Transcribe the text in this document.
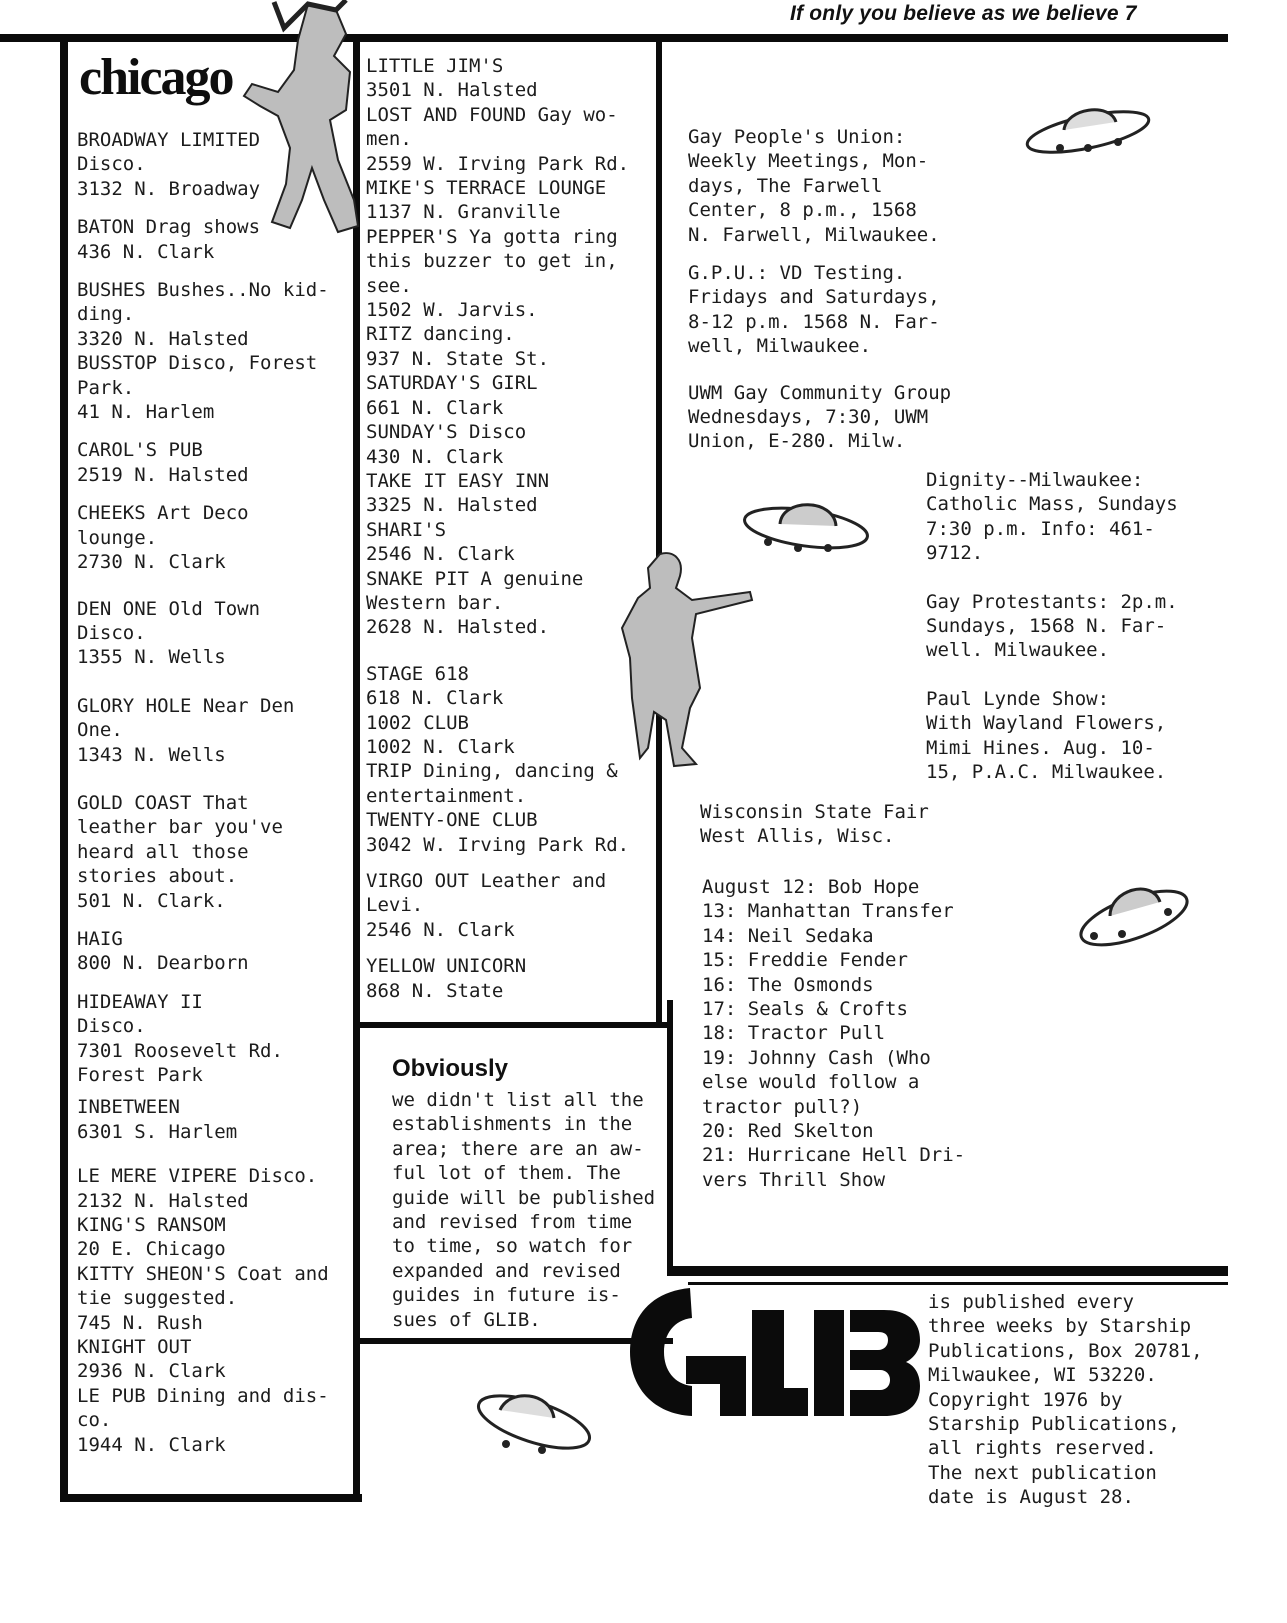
If only you believe as we believe 7
chicago
BROADWAY LIMITED
Disco.
3132 N. Broadway
BATON Drag shows
436 N. Clark
BUSHES Bushes..No kid-
ding.
3320 N. Halsted
BUSSTOP Disco, Forest
Park.
41 N. Harlem
CAROL'S PUB
2519 N. Halsted
CHEEKS Art Deco
lounge.
2730 N. Clark
DEN ONE Old Town
Disco.
1355 N. Wells
GLORY HOLE Near Den
One.
1343 N. Wells
GOLD COAST That
leather bar you've
heard all those
stories about.
501 N. Clark.
HAIG
800 N. Dearborn
HIDEAWAY II
Disco.
7301 Roosevelt Rd.
Forest Park
INBETWEEN
6301 S. Harlem
LE MERE VIPERE Disco.
2132 N. Halsted
KING'S RANSOM
20 E. Chicago
KITTY SHEON'S Coat and
tie suggested.
745 N. Rush
KNIGHT OUT
2936 N. Clark
LE PUB Dining and dis-
co.
1944 N. Clark
LITTLE JIM'S
3501 N. Halsted
LOST AND FOUND Gay wo-
men.
2559 W. Irving Park Rd.
MIKE'S TERRACE LOUNGE
1137 N. Granville
PEPPER'S Ya gotta ring
this buzzer to get in,
see.
1502 W. Jarvis.
RITZ dancing.
937 N. State St.
SATURDAY'S GIRL
661 N. Clark
SUNDAY'S Disco
430 N. Clark
TAKE IT EASY INN
3325 N. Halsted
SHARI'S
2546 N. Clark
SNAKE PIT A genuine
Western bar.
2628 N. Halsted.
STAGE 618
618 N. Clark
1002 CLUB
1002 N. Clark
TRIP Dining, dancing &
entertainment.
TWENTY-ONE CLUB
3042 W. Irving Park Rd.
VIRGO OUT Leather and
Levi.
2546 N. Clark
YELLOW UNICORN
868 N. State
Gay People's Union:
Weekly Meetings, Mon-
days, The Farwell
Center, 8 p.m., 1568
N. Farwell, Milwaukee.
G.P.U.: VD Testing.
Fridays and Saturdays,
8-12 p.m. 1568 N. Far-
well, Milwaukee.
UWM Gay Community Group
Wednesdays, 7:30, UWM
Union, E-280. Milw.
Dignity--Milwaukee:
Catholic Mass, Sundays
7:30 p.m. Info: 461-
9712.
Gay Protestants: 2p.m.
Sundays, 1568 N. Far-
well. Milwaukee.
Paul Lynde Show:
With Wayland Flowers,
Mimi Hines. Aug. 10-
15, P.A.C. Milwaukee.
Wisconsin State Fair
West Allis, Wisc.
August 12: Bob Hope
13: Manhattan Transfer
14: Neil Sedaka
15: Freddie Fender
16: The Osmonds
17: Seals & Crofts
18: Tractor Pull
19: Johnny Cash (Who
else would follow a
tractor pull?)
20: Red Skelton
21: Hurricane Hell Dri-
vers Thrill Show
Obviously
we didn't list all the
establishments in the
area; there are an aw-
ful lot of them. The
guide will be published
and revised from time
to time, so watch for
expanded and revised
guides in future is-
sues of GLIB.
is published every
three weeks by Starship
Publications, Box 20781,
Milwaukee, WI 53220.
Copyright 1976 by
Starship Publications,
all rights reserved.
The next publication
date is August 28.
